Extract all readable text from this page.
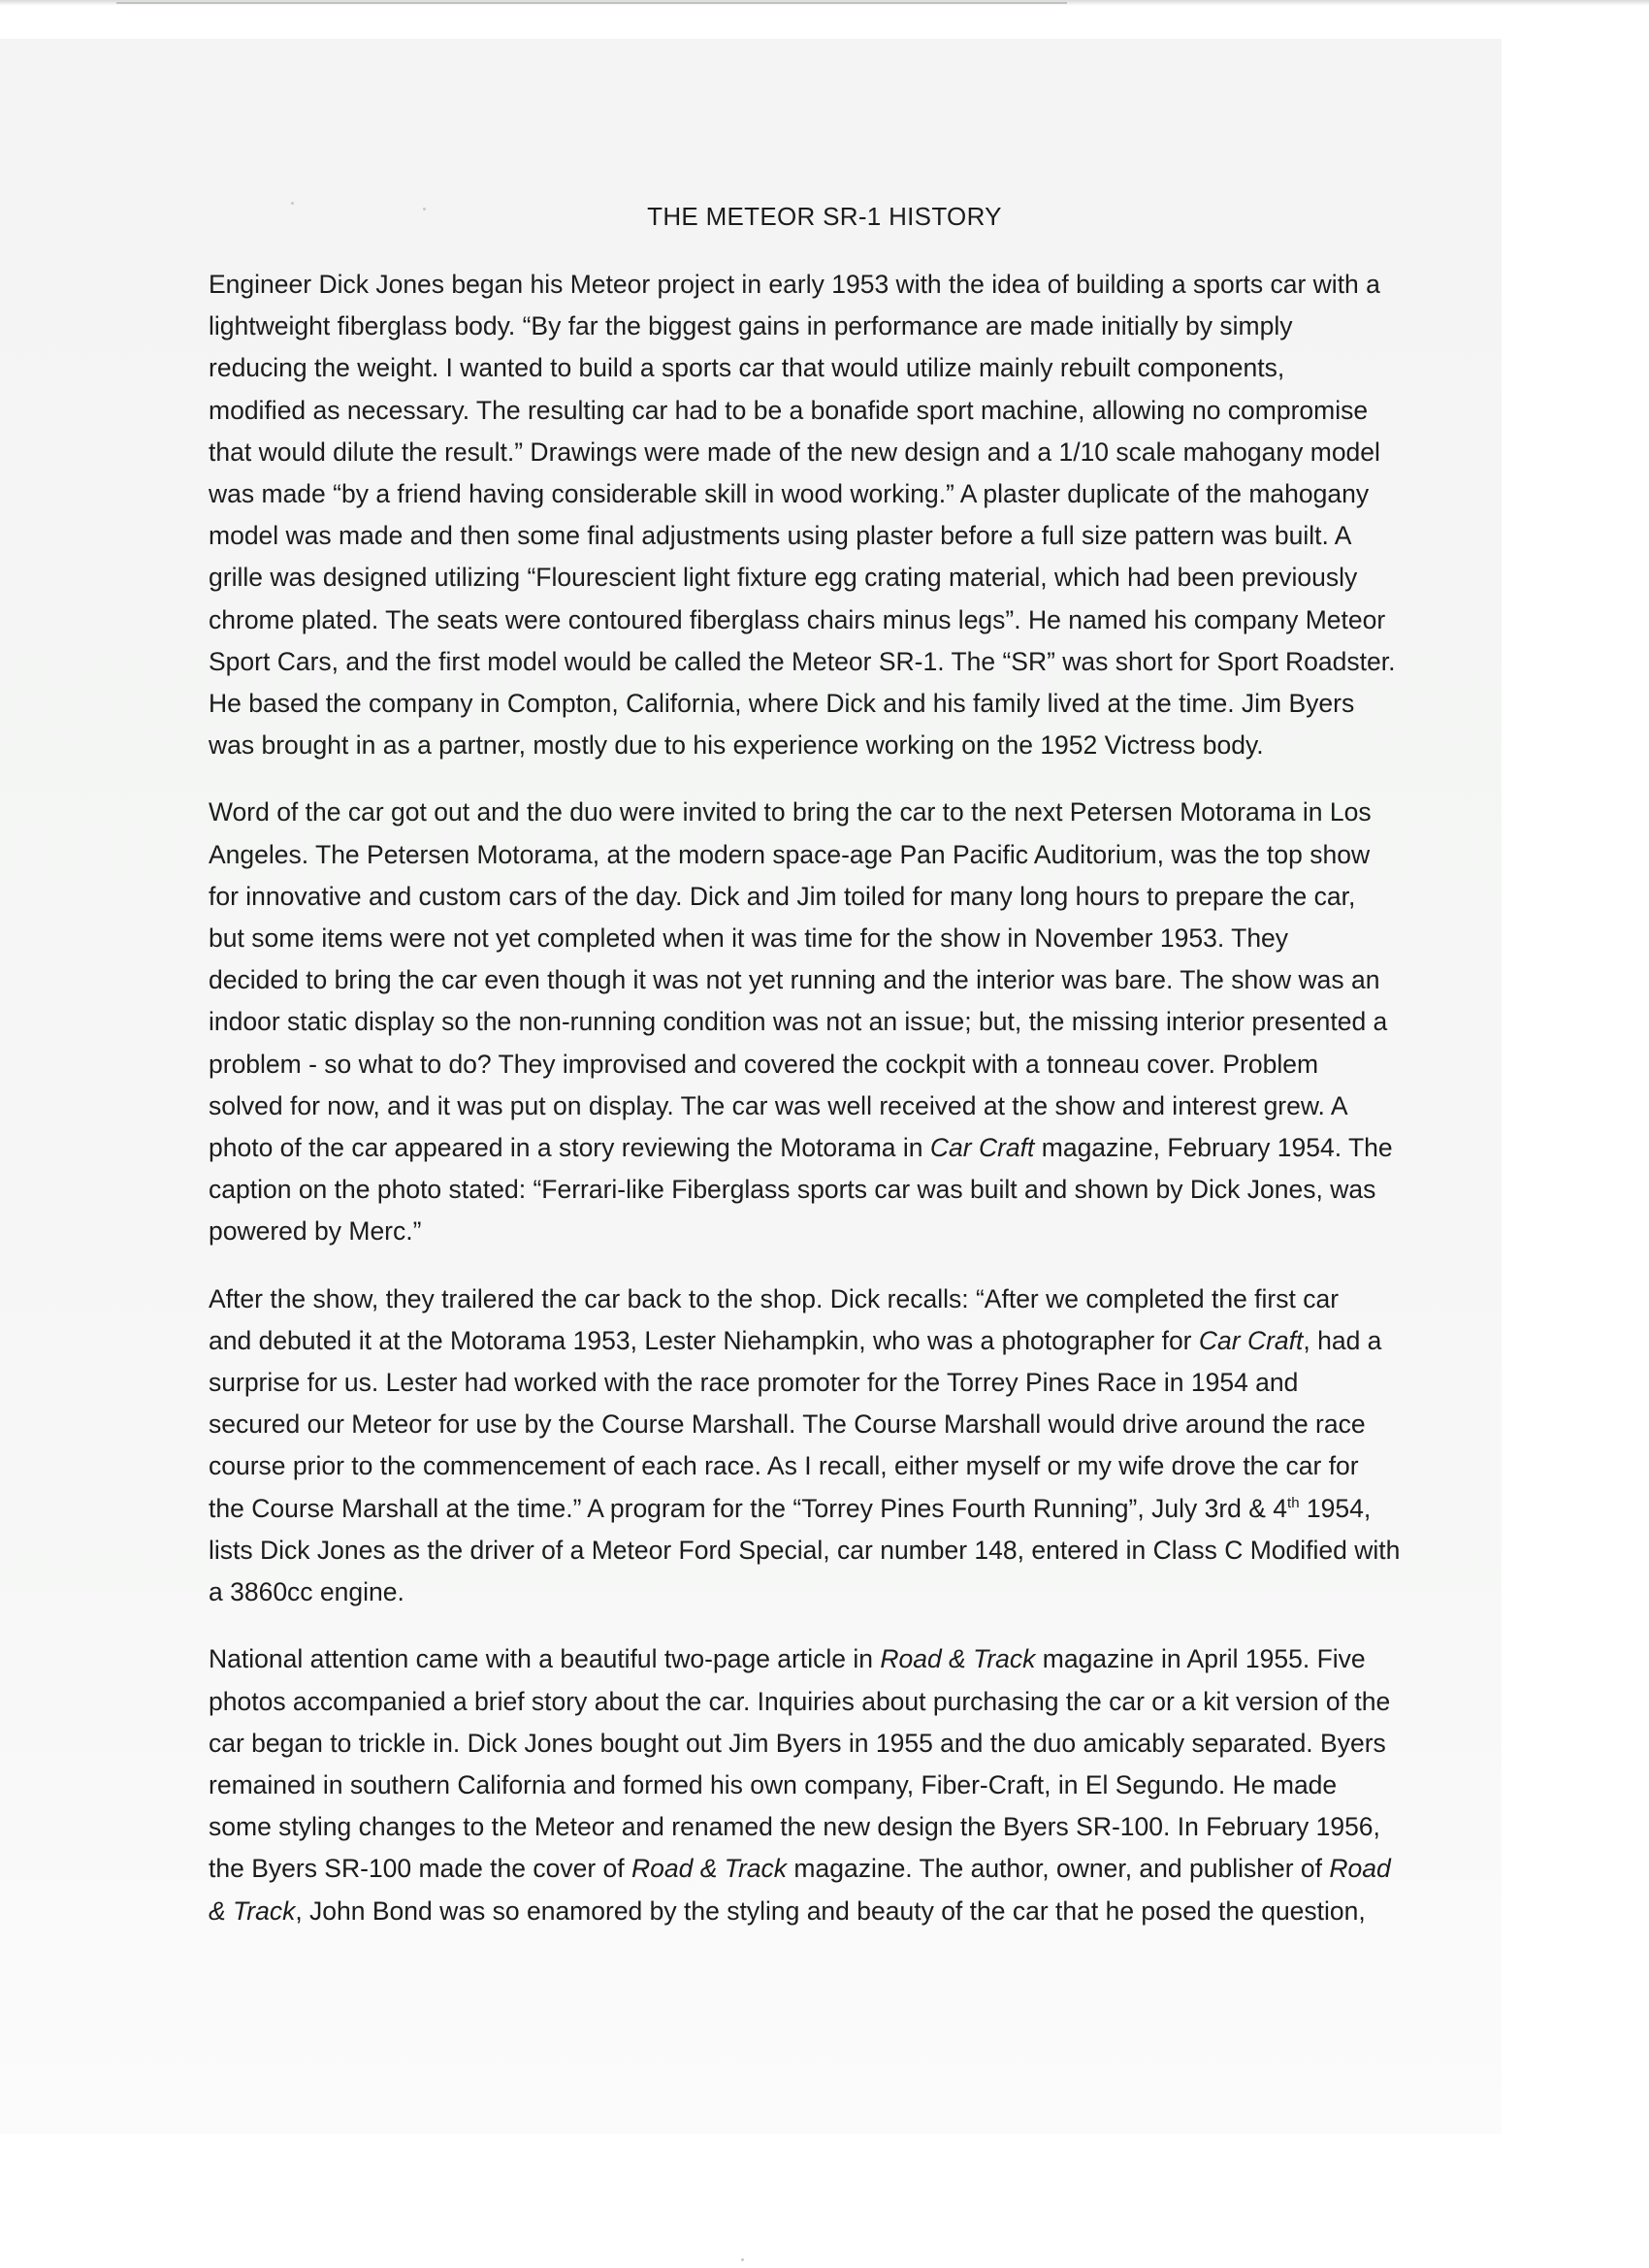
THE METEOR SR-1 HISTORY

Engineer Dick Jones began his Meteor project in early 1953 with the idea of building a sports car with a
lightweight fiberglass body. “By far the biggest gains in performance are made initially by simply
reducing the weight. I wanted to build a sports car that would utilize mainly rebuilt components,
modified as necessary. The resulting car had to be a bonafide sport machine, allowing no compromise
that would dilute the result.” Drawings were made of the new design and a 1/10 scale mahogany model
was made “by a friend having considerable skill in wood working.” A plaster duplicate of the mahogany
model was made and then some final adjustments using plaster before a full size pattern was built. A
grille was designed utilizing “Flourescient light fixture egg crating material, which had been previously
chrome plated. The seats were contoured fiberglass chairs minus legs”. He named his company Meteor
Sport Cars, and the first model would be called the Meteor SR-1. The “SR” was short for Sport Roadster.
He based the company in Compton, California, where Dick and his family lived at the time. Jim Byers
was brought in as a partner, mostly due to his experience working on the 1952 Victress body.

Word of the car got out and the duo were invited to bring the car to the next Petersen Motorama in Los
Angeles. The Petersen Motorama, at the modern space-age Pan Pacific Auditorium, was the top show
for innovative and custom cars of the day. Dick and Jim toiled for many long hours to prepare the car,
but some items were not yet completed when it was time for the show in November 1953. They
decided to bring the car even though it was not yet running and the interior was bare. The show was an
indoor static display so the non-running condition was not an issue; but, the missing interior presented a
problem - so what to do? They improvised and covered the cockpit with a tonneau cover. Problem
solved for now, and it was put on display. The car was well received at the show and interest grew. A
photo of the car appeared in a story reviewing the Motorama in Car Craft magazine, February 1954. The
caption on the photo stated: “Ferrari-like Fiberglass sports car was built and shown by Dick Jones, was
powered by Merc.”

After the show, they trailered the car back to the shop. Dick recalls: “After we completed the first car
and debuted it at the Motorama 1953, Lester Niehampkin, who was a photographer for Car Craft, had a
surprise for us. Lester had worked with the race promoter for the Torrey Pines Race in 1954 and
secured our Meteor for use by the Course Marshall. The Course Marshall would drive around the race
course prior to the commencement of each race. As I recall, either myself or my wife drove the car for
the Course Marshall at the time.” A program for the “Torrey Pines Fourth Running”, July 3rd & 4th 1954,
lists Dick Jones as the driver of a Meteor Ford Special, car number 148, entered in Class C Modified with
a 3860cc engine.

National attention came with a beautiful two-page article in Road & Track magazine in April 1955. Five
photos accompanied a brief story about the car. Inquiries about purchasing the car or a kit version of the
car began to trickle in. Dick Jones bought out Jim Byers in 1955 and the duo amicably separated. Byers
remained in southern California and formed his own company, Fiber-Craft, in El Segundo. He made
some styling changes to the Meteor and renamed the new design the Byers SR-100. In February 1956,
the Byers SR-100 made the cover of Road & Track magazine. The author, owner, and publisher of Road
& Track, John Bond was so enamored by the styling and beauty of the car that he posed the question,
